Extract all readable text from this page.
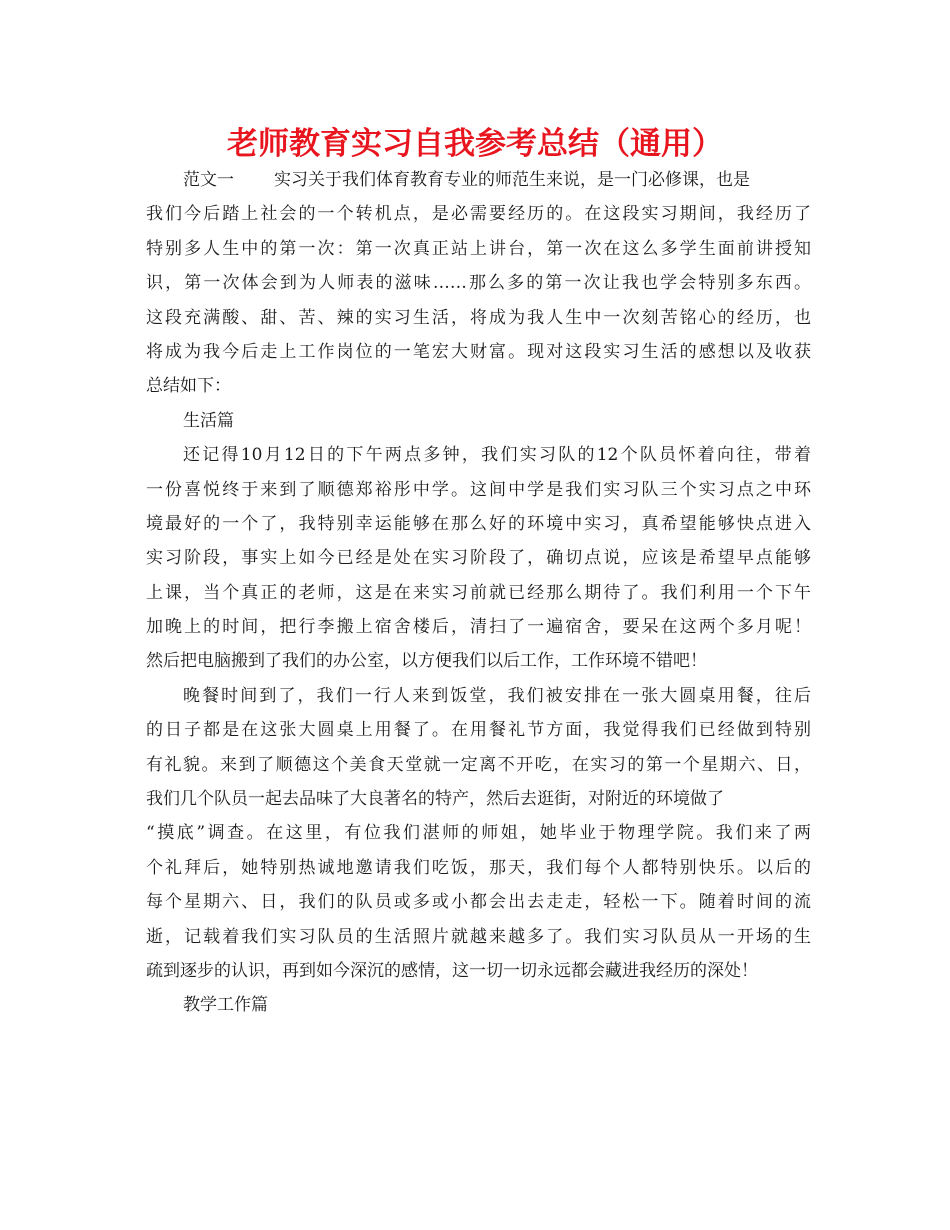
老师教育实习自我参考总结（通用）
范文一 实习关于我们体育教育专业的师范生来说，是一门必修课，也是
我们今后踏上社会的一个转机点，是必需要经历的。在这段实习期间，我经历了
特别多人生中的第一次：第一次真正站上讲台，第一次在这么多学生面前讲授知
识，第一次体会到为人师表的滋味……那么多的第一次让我也学会特别多东西。
这段充满酸、甜、苦、辣的实习生活，将成为我人生中一次刻苦铭心的经历，也
将成为我今后走上工作岗位的一笔宏大财富。现对这段实习生活的感想以及收获
总结如下：
生活篇
还记得10月12日的下午两点多钟，我们实习队的12个队员怀着向往，带着
一份喜悦终于来到了顺德郑裕彤中学。这间中学是我们实习队三个实习点之中环
境最好的一个了，我特别幸运能够在那么好的环境中实习，真希望能够快点进入
实习阶段，事实上如今已经是处在实习阶段了，确切点说，应该是希望早点能够
上课，当个真正的老师，这是在来实习前就已经那么期待了。我们利用一个下午
加晚上的时间，把行李搬上宿舍楼后，清扫了一遍宿舍，要呆在这两个多月呢！
然后把电脑搬到了我们的办公室，以方便我们以后工作，工作环境不错吧！
晚餐时间到了，我们一行人来到饭堂，我们被安排在一张大圆桌用餐，往后
的日子都是在这张大圆桌上用餐了。在用餐礼节方面，我觉得我们已经做到特别
有礼貌。来到了顺德这个美食天堂就一定离不开吃，在实习的第一个星期六、日，
我们几个队员一起去品味了大良著名的特产，然后去逛街，对附近的环境做了
“摸底”调查。在这里，有位我们湛师的师姐，她毕业于物理学院。我们来了两
个礼拜后，她特别热诚地邀请我们吃饭，那天，我们每个人都特别快乐。以后的
每个星期六、日，我们的队员或多或小都会出去走走，轻松一下。随着时间的流
逝，记载着我们实习队员的生活照片就越来越多了。我们实习队员从一开场的生
疏到逐步的认识，再到如今深沉的感情，这一切一切永远都会藏进我经历的深处！
教学工作篇
